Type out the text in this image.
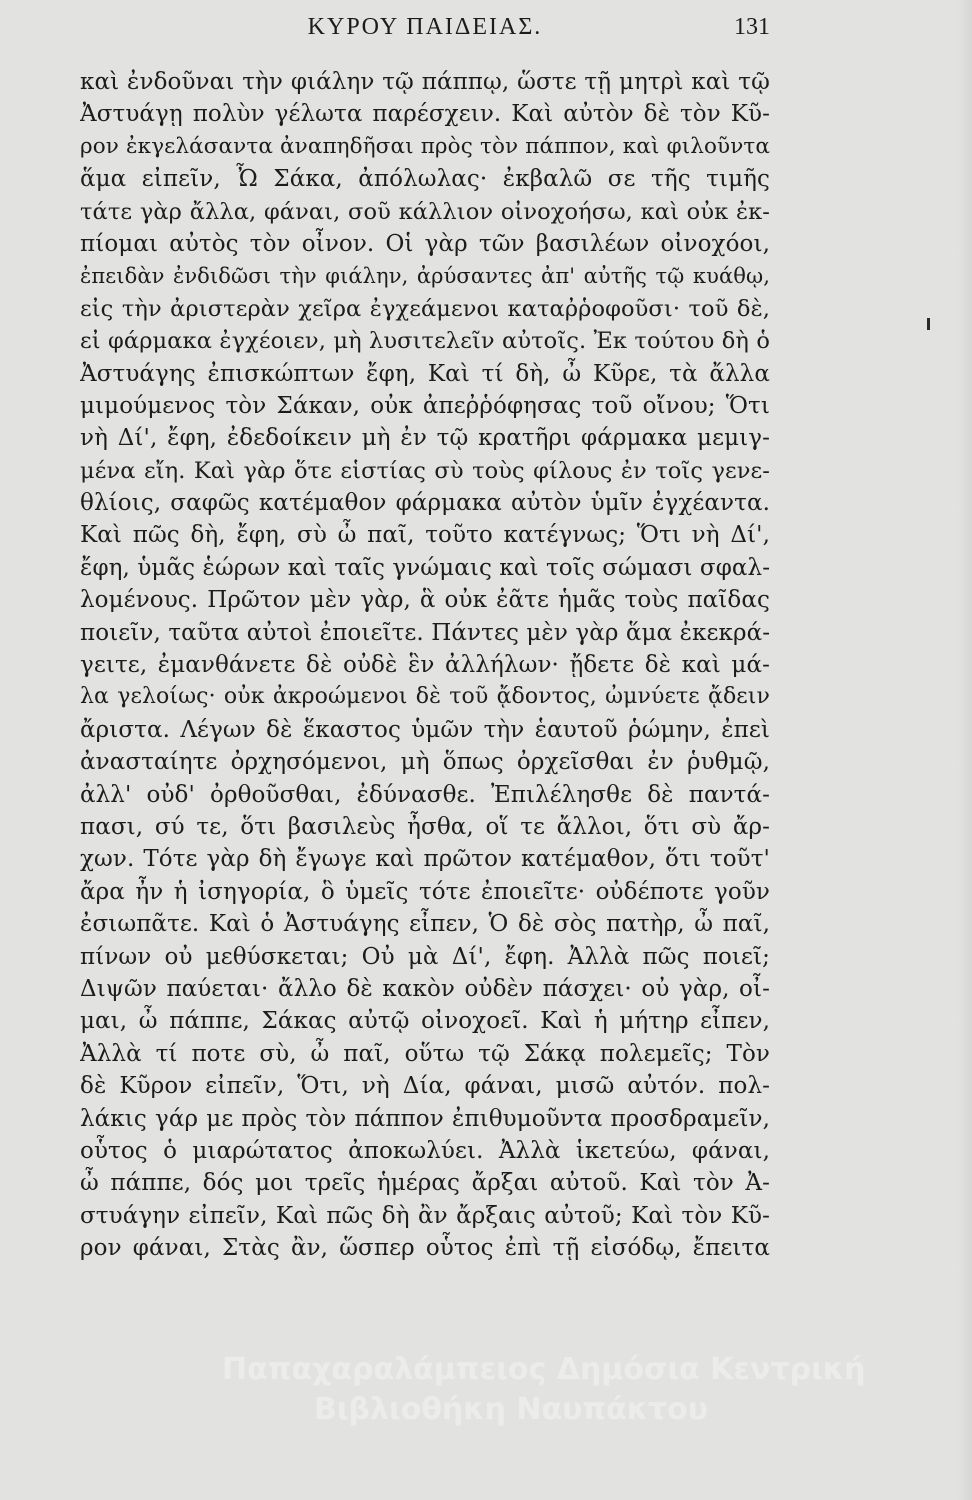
ΚΥΡΟΥ ΠΑΙΔΕΙΑΣ.	131
καὶ ἐνδοῦναι τὴν φιάλην τῷ πάππῳ, ὥστε τῇ μητρὶ καὶ τῷ
Ἀστυάγῃ πολὺν γέλωτα παρέσχειν. Καὶ αὐτὸν δὲ τὸν Κῦ-
ρον ἐκγελάσαντα ἀναπηδῆσαι πρὸς τὸν πάππον, καὶ φιλοῦντα
ἅμα εἰπεῖν, Ὦ Σάκα, ἀπόλωλας· ἐκβαλῶ σε τῆς τιμῆς
τάτε γὰρ ἄλλα, φάναι, σοῦ κάλλιον οἰνοχοήσω, καὶ οὐκ ἐκ-
πίομαι αὐτὸς τὸν οἶνον. Οἱ γὰρ τῶν βασιλέων οἰνοχόοι,
ἐπειδὰν ἐνδιδῶσι τὴν φιάλην, ἀρύσαντες ἀπ' αὐτῆς τῷ κυάθῳ,
εἰς τὴν ἀριστερὰν χεῖρα ἐγχεάμενοι καταῤῥοφοῦσι· τοῦ δὲ,
εἰ φάρμακα ἐγχέοιεν, μὴ λυσιτελεῖν αὐτοῖς. Ἐκ τούτου δὴ ὁ
Ἀστυάγης ἐπισκώπτων ἔφη, Καὶ τί δὴ, ὦ Κῦρε, τὰ ἄλλα
μιμούμενος τὸν Σάκαν, οὐκ ἀπεῤῥόφησας τοῦ οἴνου; Ὅτι
νὴ Δί', ἔφη, ἐδεδοίκειν μὴ ἐν τῷ κρατῆρι φάρμακα μεμιγ-
μένα εἴη. Καὶ γὰρ ὅτε εἱστίας σὺ τοὺς φίλους ἐν τοῖς γενε-
θλίοις, σαφῶς κατέμαθον φάρμακα αὐτὸν ὑμῖν ἐγχέαντα.
Καὶ πῶς δὴ, ἔφη, σὺ ὦ παῖ, τοῦτο κατέγνως; Ὅτι νὴ Δί',
ἔφη, ὑμᾶς ἑώρων καὶ ταῖς γνώμαις καὶ τοῖς σώμασι σφαλ-
λομένους. Πρῶτον μὲν γὰρ, ἃ οὐκ ἐᾶτε ἡμᾶς τοὺς παῖδας
ποιεῖν, ταῦτα αὐτοὶ ἐποιεῖτε. Πάντες μὲν γὰρ ἅμα ἐκεκρά-
γειτε, ἐμανθάνετε δὲ οὐδὲ ἓν ἀλλήλων· ᾔδετε δὲ καὶ μά-
λα γελοίως· οὐκ ἀκροώμενοι δὲ τοῦ ᾄδοντος, ὠμνύετε ᾄδειν
ἄριστα. Λέγων δὲ ἕκαστος ὑμῶν τὴν ἑαυτοῦ ῥώμην, ἐπεὶ
ἀνασταίητε ὀρχησόμενοι, μὴ ὅπως ὀρχεῖσθαι ἐν ῥυθμῷ,
ἀλλ' οὐδ' ὀρθοῦσθαι, ἐδύνασθε. Ἐπιλέλησθε δὲ παντά-
πασι, σύ τε, ὅτι βασιλεὺς ἦσθα, οἵ τε ἄλλοι, ὅτι σὺ ἄρ-
χων. Τότε γὰρ δὴ ἔγωγε καὶ πρῶτον κατέμαθον, ὅτι τοῦτ'
ἄρα ἦν ἡ ἰσηγορία, ὃ ὑμεῖς τότε ἐποιεῖτε· οὐδέποτε γοῦν
ἐσιωπᾶτε. Καὶ ὁ Ἀστυάγης εἶπεν, Ὁ δὲ σὸς πατὴρ, ὦ παῖ,
πίνων οὐ μεθύσκεται; Οὐ μὰ Δί', ἔφη. Ἀλλὰ πῶς ποιεῖ;
Διψῶν παύεται· ἄλλο δὲ κακὸν οὐδὲν πάσχει· οὐ γὰρ, οἶ-
μαι, ὦ πάππε, Σάκας αὐτῷ οἰνοχοεῖ. Καὶ ἡ μήτηρ εἶπεν,
Ἀλλὰ τί ποτε σὺ, ὦ παῖ, οὕτω τῷ Σάκᾳ πολεμεῖς; Τὸν
δὲ Κῦρον εἰπεῖν, Ὅτι, νὴ Δία, φάναι, μισῶ αὐτόν. πολ-
λάκις γάρ με πρὸς τὸν πάππον ἐπιθυμοῦντα προσδραμεῖν,
οὗτος ὁ μιαρώτατος ἀποκωλύει. Ἀλλὰ ἱκετεύω, φάναι,
ὦ πάππε, δός μοι τρεῖς ἡμέρας ἄρξαι αὐτοῦ. Καὶ τὸν Ἀ-
στυάγην εἰπεῖν, Καὶ πῶς δὴ ἂν ἄρξαις αὐτοῦ; Καὶ τὸν Κῦ-
ρον φάναι, Στὰς ἂν, ὥσπερ οὗτος ἐπὶ τῇ εἰσόδῳ, ἔπειτα
Παπαχαραλάμπειος Δημόσια Κεντρική
Βιβλιοθήκη Ναυπάκτου
